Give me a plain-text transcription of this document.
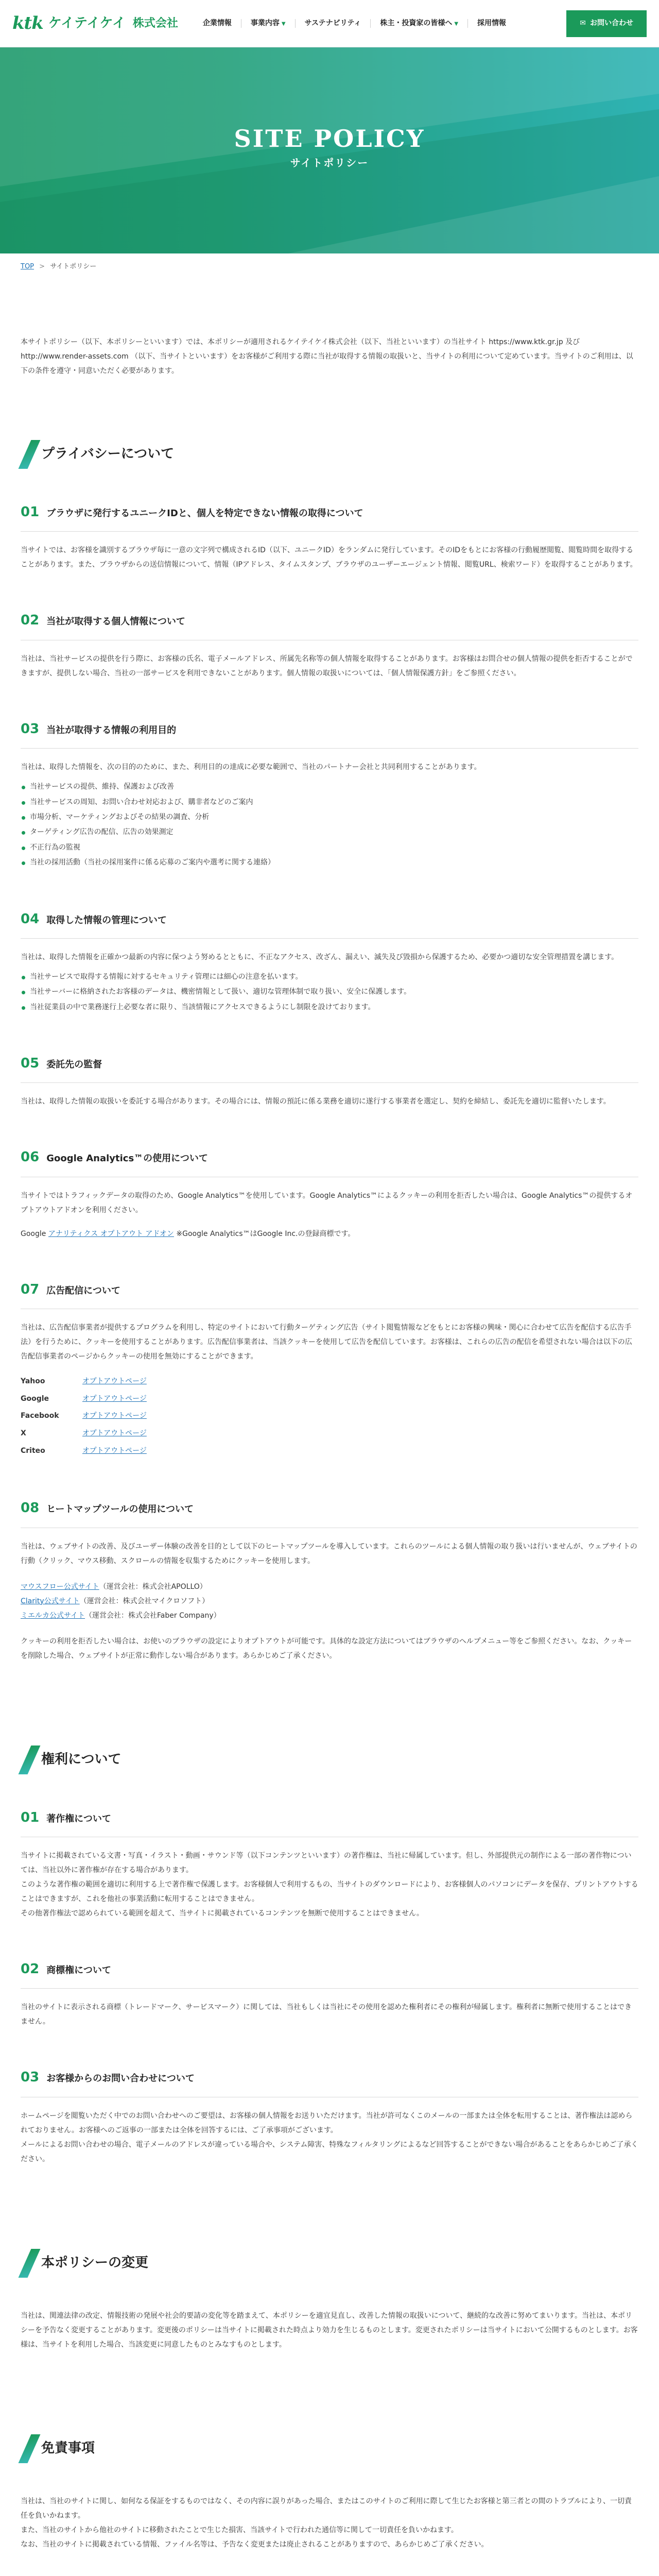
ktk ケイテイケイ 株式会社	企業情報	事業内容 ▼	サステナビリティ	株主・投資家の皆様へ ▼	採用情報	✉ お問い合わせ
SITE POLICY
サイトポリシー
TOP > サイトポリシー

本サイトポリシー（以下、本ポリシーといいます）では、本ポリシーが適用されるケイテイケイ株式会社（以下、当社といいます）の当社サイト https://www.ktk.gr.jp 及び http://www.render-assets.com （以下、当サイトといいます）をお客様がご利用する際に当社が取得する情報の取扱いと、当サイトの利用について定めています。当サイトのご利用は、以下の条件を遵守・同意いただく必要があります。

プライバシーについて
01 ブラウザに発行するユニークIDと、個人を特定できない情報の取得について

当サイトでは、お客様を識別するブラウザ毎に一意の文字列で構成されるID（以下、ユニークID）をランダムに発行しています。そのIDをもとにお客様の行動履歴閲覧、閲覧時間を取得することがあります。また、ブラウザからの送信情報について、情報（IPアドレス、タイムスタンプ、ブラウザのユーザーエージェント情報、閲覧URL、検索ワード）を取得することがあります。

02 当社が取得する個人情報について

当社は、当社サービスの提供を行う際に、お客様の氏名、電子メールアドレス、所属先名称等の個人情報を取得することがあります。お客様はお問合せの個人情報の提供を拒否することができますが、提供しない場合、当社の一部サービスを利用できないことがあります。個人情報の取扱いについては、「個人情報保護方針」をご参照ください。

03 当社が取得する情報の利用目的

当社は、取得した情報を、次の目的のために、また、利用目的の達成に必要な範囲で、当社のパートナー会社と共同利用することがあります。

当社サービスの提供、維持、保護および改善
当社サービスの周知、お問い合わせ対応および、購非者などのご案内
市場分析、マーケティングおよびその結果の調査、分析
ターゲティング広告の配信、広告の効果測定
不正行為の監視
当社の採用活動（当社の採用案件に係る応募のご案内や選考に関する連絡）
04 取得した情報の管理について

当社は、取得した情報を正確かつ最新の内容に保つよう努めるとともに、不正なアクセス、改ざん、漏えい、滅失及び毀損から保護するため、必要かつ適切な安全管理措置を講じます。

当社サービスで取得する情報に対するセキュリティ管理には細心の注意を払います。
当社サーバーに格納されたお客様のデータは、機密情報として扱い、適切な管理体制で取り扱い、安全に保護します。
当社従業員の中で業務遂行上必要な者に限り、当該情報にアクセスできるようにし制限を設けております。
05 委託先の監督

当社は、取得した情報の取扱いを委託する場合があります。その場合には、情報の預託に係る業務を適切に遂行する事業者を選定し、契約を締結し、委託先を適切に監督いたします。

06 Google Analytics™の使用について

当サイトではトラフィックデータの取得のため、Google Analytics™を使用しています。Google Analytics™によるクッキーの利用を拒否したい場合は、Google Analytics™の提供するオプトアウトアドオンを利用ください。

Google アナリティクス オプトアウト アドオン ※Google Analytics™はGoogle Inc.の登録商標です。

07 広告配信について

当社は、広告配信事業者が提供するプログラムを利用し、特定のサイトにおいて行動ターゲティング広告（サイト閲覧情報などをもとにお客様の興味・関心に合わせて広告を配信する広告手法）を行うために、クッキーを使用することがあります。広告配信事業者は、当該クッキーを使用して広告を配信しています。お客様は、これらの広告の配信を希望されない場合は以下の広告配信事業者のページからクッキーの使用を無効にすることができます。

Yahoo	オプトアウトページ
Google	オプトアウトページ
Facebook	オプトアウトページ
X	オプトアウトページ
Criteo	オプトアウトページ
08 ヒートマップツールの使用について

当社は、ウェブサイトの改善、及びユーザー体験の改善を目的として以下のヒートマップツールを導入しています。これらのツールによる個人情報の取り扱いは行いませんが、ウェブサイトの行動（クリック、マウス移動、スクロールの情報を収集するためにクッキーを使用します。

マウスフロー公式サイト（運営会社：株式会社APOLLO）
Clarity公式サイト（運営会社：株式会社マイクロソフト）
ミエルカ公式サイト（運営会社：株式会社Faber Company）

クッキーの利用を拒否したい場合は、お使いのブラウザの設定によりオプトアウトが可能です。具体的な設定方法についてはブラウザのヘルプメニュー等をご参照ください。なお、クッキーを削除した場合、ウェブサイトが正常に動作しない場合があります。あらかじめご了承ください。

権利について
01 著作権について

当サイトに掲載されている文書・写真・イラスト・動画・サウンド等（以下コンテンツといいます）の著作権は、当社に帰属しています。但し、外部提供元の制作による一部の著作物については、当社以外に著作権が存在する場合があります。

このような著作権の範囲を適切に利用する上で著作権で保護します。お客様個人で利用するもの、当サイトのダウンロードにより、お客様個人のパソコンにデータを保存、プリントアウトすることはできますが、これを他社の事業活動に転用することはできません。

その他著作権法で認められている範囲を超えて、当サイトに掲載されているコンテンツを無断で使用することはできません。

02 商標権について

当社のサイトに表示される商標（トレードマーク、サービスマーク）に関しては、当社もしくは当社にその使用を認めた権利者にその権利が帰属します。権利者に無断で使用することはできません。

03 お客様からのお問い合わせについて

ホームページを閲覧いただく中でのお問い合わせへのご要望は、お客様の個人情報をお送りいただけます。当社が許可なくこのメールの一部または全体を転用することは、著作権法は認められておりません。お客様へのご返事の一部または全体を回答するには、ご了承事項がございます。

メールによるお問い合わせの場合、電子メールのアドレスが違っている場合や、システム障害、特殊なフィルタリングによるなど回答することができない場合があることをあらかじめご了承ください。

本ポリシーの変更

当社は、関連法律の改定、情報技術の発展や社会的要請の変化等を踏まえて、本ポリシーを適宜見直し、改善した情報の取扱いについて、継続的な改善に努めてまいります。当社は、本ポリシーを予告なく変更することがあります。変更後のポリシーは当サイトに掲載された時点より効力を生じるものとします。変更されたポリシーは当サイトにおいて公開するものとします。お客様は、当サイトを利用した場合、当該変更に同意したものとみなすものとします。

免責事項

当社は、当社のサイトに関し、如何なる保証をするものではなく、その内容に誤りがあった場合、またはこのサイトのご利用に際して生じたお客様と第三者との間のトラブルにより、一切責任を負いかねます。

また、当社のサイトから他社のサイトに移動されたことで生じた損害、当該サイトで行われた通信等に関して一切責任を負いかねます。

なお、当社のサイトに掲載されている情報、ファイル名等は、予告なく変更または廃止されることがありますので、あらかじめご了承ください。
